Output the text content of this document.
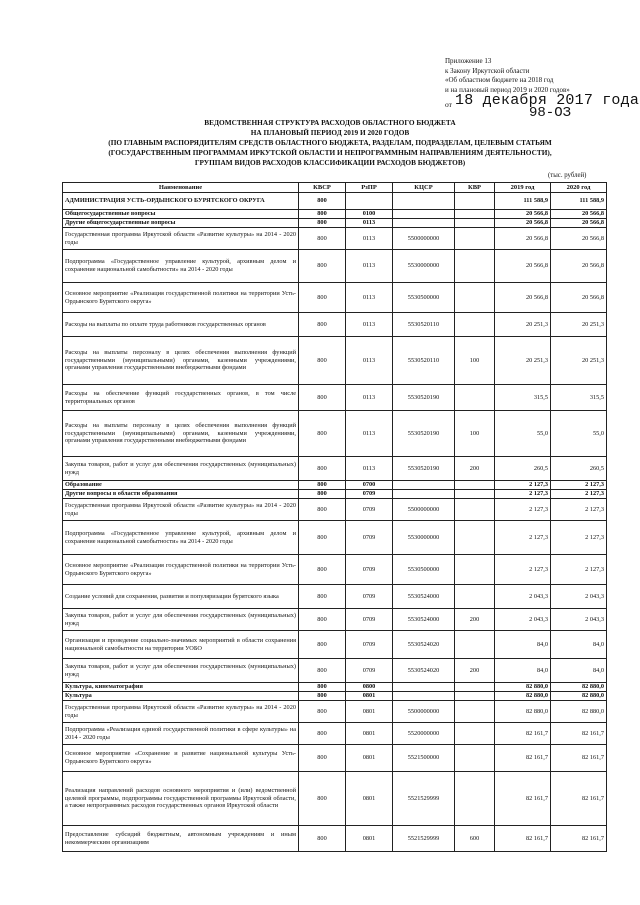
Приложение 13
к Закону Иркутской области
«Об областном бюджете на 2018 год
и на плановый период 2019 и 2020 годов»
от 18 декабря 2017 года
98-ОЗ
ВЕДОМСТВЕННАЯ СТРУКТУРА РАСХОДОВ ОБЛАСТНОГО БЮДЖЕТА
НА ПЛАНОВЫЙ ПЕРИОД 2019 И 2020 ГОДОВ
(ПО ГЛАВНЫМ РАСПОРЯДИТЕЛЯМ СРЕДСТВ ОБЛАСТНОГО БЮДЖЕТА, РАЗДЕЛАМ, ПОДРАЗДЕЛАМ, ЦЕЛЕВЫМ СТАТЬЯМ
(ГОСУДАРСТВЕННЫМ ПРОГРАММАМ ИРКУТСКОЙ ОБЛАСТИ И НЕПРОГРАММНЫМ НАПРАВЛЕНИЯМ ДЕЯТЕЛЬНОСТИ),
ГРУППАМ ВИДОВ РАСХОДОВ КЛАССИФИКАЦИИ РАСХОДОВ БЮДЖЕТОВ)
(тыс. рублей)
Наименование	КВСР	РзПР	КЦСР	КВР	2019 год	2020 год
АДМИНИСТРАЦИЯ УСТЬ-ОРДЫНСКОГО БУРЯТСКОГО ОКРУГА	800				111 588,9	111 588,9
Общегосударственные вопросы	800	0100			20 566,8	20 566,8
Другие общегосударственные вопросы	800	0113			20 566,8	20 566,8
Государственная программа Иркутской области «Развитие культуры» на 2014 - 2020 годы	800	0113	5500000000		20 566,8	20 566,8
Подпрограмма «Государственное управление культурой, архивным делом и сохранение национальной самобытности» на 2014 - 2020 годы	800	0113	5530000000		20 566,8	20 566,8
Основное мероприятие «Реализация государственной политики на территории Усть-Ордынского Бурятского округа»	800	0113	5530500000		20 566,8	20 566,8
Расходы на выплаты по оплате труда работников государственных органов	800	0113	5530520110		20 251,3	20 251,3
Расходы на выплаты персоналу в целях обеспечения выполнения функций государственными (муниципальными) органами, казенными учреждениями, органами управления государственными внебюджетными фондами	800	0113	5530520110	100	20 251,3	20 251,3
Расходы на обеспечение функций государственных органов, в том числе территориальных органов	800	0113	5530520190		315,5	315,5
Расходы на выплаты персоналу в целях обеспечения выполнения функций государственными (муниципальными) органами, казенными учреждениями, органами управления государственными внебюджетными фондами	800	0113	5530520190	100	55,0	55,0
Закупка товаров, работ и услуг для обеспечения государственных (муниципальных) нужд	800	0113	5530520190	200	260,5	260,5
Образование	800	0700			2 127,3	2 127,3
Другие вопросы в области образования	800	0709			2 127,3	2 127,3
Государственная программа Иркутской области «Развитие культуры» на 2014 - 2020 годы	800	0709	5500000000		2 127,3	2 127,3
Подпрограмма «Государственное управление культурой, архивным делом и сохранение национальной самобытности» на 2014 - 2020 годы	800	0709	5530000000		2 127,3	2 127,3
Основное мероприятие «Реализация государственной политики на территории Усть-Ордынского Бурятского округа»	800	0709	5530500000		2 127,3	2 127,3
Создание условий для сохранения, развития и популяризации бурятского языка	800	0709	5530524000		2 043,3	2 043,3
Закупка товаров, работ и услуг для обеспечения государственных (муниципальных) нужд	800	0709	5530524000	200	2 043,3	2 043,3
Организация и проведение социально-значимых мероприятий в области сохранения национальной самобытности на территории УОБО	800	0709	5530524020		84,0	84,0
Закупка товаров, работ и услуг для обеспечения государственных (муниципальных) нужд	800	0709	5530524020	200	84,0	84,0
Культура, кинематография	800	0800			82 880,0	82 880,0
Культура	800	0801			82 880,0	82 880,0
Государственная программа Иркутской области «Развитие культуры» на 2014 - 2020 годы	800	0801	5500000000		82 880,0	82 880,0
Подпрограмма «Реализация единой государственной политики в сфере культуры» на 2014 - 2020 годы	800	0801	5520000000		82 161,7	82 161,7
Основное мероприятие «Сохранение и развитие национальной культуры Усть-Ордынского Бурятского округа»	800	0801	5521500000		82 161,7	82 161,7
Реализация направлений расходов основного мероприятия и (или) ведомственной целевой программы, подпрограммы государственной программы Иркутской области, а также непрограммных расходов государственных органов Иркутской области	800	0801	5521529999		82 161,7	82 161,7
Предоставление субсидий бюджетным, автономным учреждениям и иным некоммерческим организациям	800	0801	5521529999	600	82 161,7	82 161,7
